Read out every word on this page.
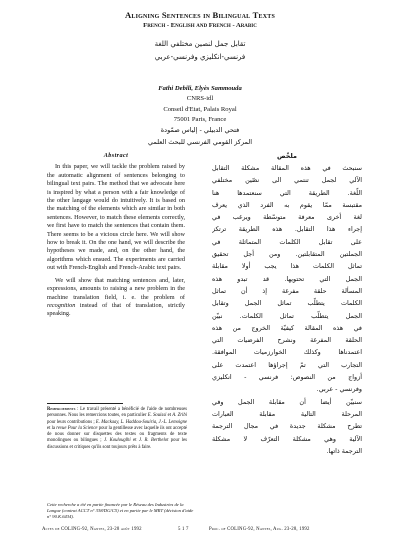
Aligning Sentences in Bilingual Texts
French - English and French - Arabic
تقابل جمل لنصين مختلفي اللغة
فرنسي-انكليزي وفرنسي-عربي
Fathi Debili, Elyès Sammouda
CNRS-idl
Conseil d'Etat, Palais Royal
75001 Paris, France
فتحي الدبيلي - إلياس صمّودة
المركز القومي الفرنسي للبحث العلمي
Abstract

In this paper, we will tackle the problem raised by the automatic alignment of sentences belonging to bilingual text pairs. The method that we advocate here is inspired by what a person with a fair knowledge of the other langage would do intuitively. It is based on the matching of the elements which are similar in both sentences. However, to match these elements correctly, we first have to match the sentences that contain them. There seems to be a vicious circle here. We will show how to break it. On the one hand, we will describe the hypotheses we made, and, on the other hand, the algorithms which ensued. The experiments are carried out with French-English and French-Arabic text pairs.

We will show that matching sentences and, later, expressions, amounts to raising a new problem in the machine translation field, i. e. the problem of recognition instead of that of translation, strictly speaking.

ملخّص
سنبحث في هذه المقالة مشكلة التقابل
الآلي لجمل تنتمي الى نصّين مختلفي
اللّغة. الطريقة التي سنعتمدها هنا
مقتبسة ممّا يقوم به الفرد الذي يعرف
لغة أخرى معرفة متوسّطة ويرغب في
إجراء هذا التقابل. هذه الطريقة ترتكز
على تقابل الكلمات المتماثلة في
الجملتين المتقابلتين. ومن أجل تحقيق
تماثل الكلمات هذا يجب أولا مقابلة
الجمل التي تحتويها. قد تبدو هذه
المسألة حلقة مفرغة إذ أن تماثل
الكلمات يتطلّب تماثل الجمل وتقابل
الجمل يتطلّب تماثل الكلمات. نبيّن
في هذه المقالة كيفيّة الخروج من هذه
الحلقة المفرغة ونشرح الفرضيات التي
اعتمدناها وكذلك الخوارزميات الموافقة.
التجارب التي تمّ إجراؤها اعتمدت على
أزواج من النصوص: فرنسي - انكليزي
وفرنسي - عربي.
سنبيّن أيضا أن مقابلة الجمل وفي
المرحلة التالية مقابلة العبارات
تطرح مشكلة جديدة في مجال الترجمة
الآلية وهي مشكلة التعرّف لا مشكلة
الترجمة ذاتها.
Remerciements : Le travail présenté a bénéficié de l'aide de nombreuses personnes. Nous les remercions toutes, en particulier E. Souissi et A. Zribi pour leurs contributions ; E. Mackaay, L. Haddou-Souiria, J.-L. Lemoigne et la revue Pour la Science pour la gentillesse avec laquelle ils ont accepté de nous donner sur disquettes des textes ou fragments de texte monolingues ou bilingues ; J. Koulouglhi et J. R. Berthelot pour les discussions et critiques qu'ils sont toujours prêts à faire.
Cette recherche a été en partie financée par le Réseau des Industries de la Langue (contrat ACCT n° 338/DG/C5) et en partie par le MRT (décision d'aide n° 90.K.6434).
Actes de COLING-92, Nantes, 23-28 août 1992	5 1 7	Proc. of COLING-92, Nantes, Aug. 23-28, 1992
